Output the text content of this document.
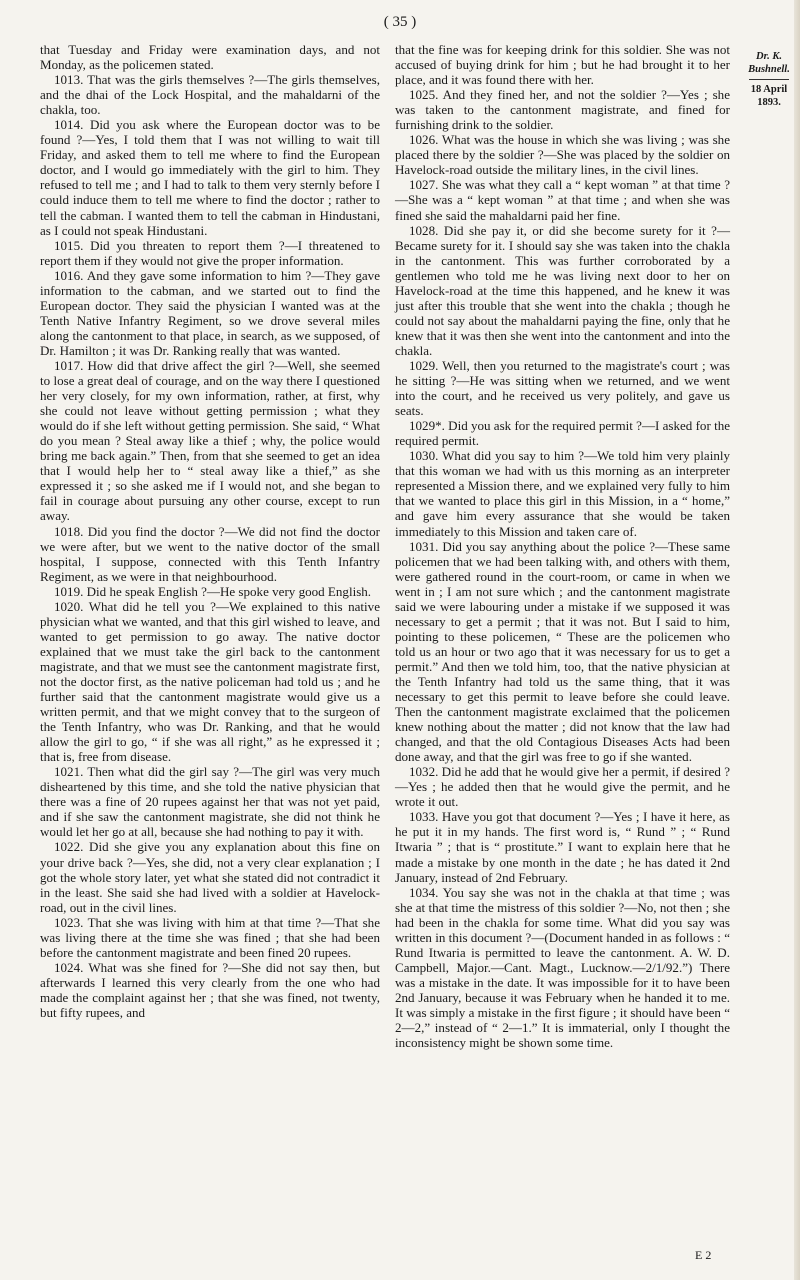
( 35 )

that Tuesday and Friday were examination days, and not Monday, as the policemen stated.

1013. That was the girls themselves ?—The girls themselves, and the dhai of the Lock Hospital, and the mahaldarni of the chakla, too.

1014. Did you ask where the European doctor was to be found ?—Yes, I told them that I was not willing to wait till Friday, and asked them to tell me where to find the European doctor, and I would go immediately with the girl to him. They refused to tell me ; and I had to talk to them very sternly before I could induce them to tell me where to find the doctor ; rather to tell the cabman. I wanted them to tell the cabman in Hindustani, as I could not speak Hindustani.

1015. Did you threaten to report them ?—I threatened to report them if they would not give the proper information.

1016. And they gave some information to him ?—They gave information to the cabman, and we started out to find the European doctor. They said the physician I wanted was at the Tenth Native Infantry Regiment, so we drove several miles along the cantonment to that place, in search, as we supposed, of Dr. Hamilton ; it was Dr. Ranking really that was wanted.

1017. How did that drive affect the girl ?—Well, she seemed to lose a great deal of courage, and on the way there I questioned her very closely, for my own information, rather, at first, why she could not leave without getting permission ; what they would do if she left without getting permission. She said, “ What do you mean ? Steal away like a thief ; why, the police would bring me back again.” Then, from that she seemed to get an idea that I would help her to “ steal away like a thief,” as she expressed it ; so she asked me if I would not, and she began to fail in courage about pursuing any other course, except to run away.

1018. Did you find the doctor ?—We did not find the doctor we were after, but we went to the native doctor of the small hospital, I suppose, connected with this Tenth Infantry Regiment, as we were in that neighbourhood.

1019. Did he speak English ?—He spoke very good English.

1020. What did he tell you ?—We explained to this native physician what we wanted, and that this girl wished to leave, and wanted to get permission to go away. The native doctor explained that we must take the girl back to the cantonment magistrate, and that we must see the cantonment magistrate first, not the doctor first, as the native policeman had told us ; and he further said that the cantonment magistrate would give us a written permit, and that we might convey that to the surgeon of the Tenth Infantry, who was Dr. Ranking, and that he would allow the girl to go, “ if she was all right,” as he expressed it ; that is, free from disease.

1021. Then what did the girl say ?—The girl was very much disheartened by this time, and she told the native physician that there was a fine of 20 rupees against her that was not yet paid, and if she saw the cantonment magistrate, she did not think he would let her go at all, because she had nothing to pay it with.

1022. Did she give you any explanation about this fine on your drive back ?—Yes, she did, not a very clear explanation ; I got the whole story later, yet what she stated did not contradict it in the least. She said she had lived with a soldier at Havelock-road, out in the civil lines.

1023. That she was living with him at that time ?—That she was living there at the time she was fined ; that she had been before the cantonment magistrate and been fined 20 rupees.

1024. What was she fined for ?—She did not say then, but afterwards I learned this very clearly from the one who had made the complaint against her ; that she was fined, not twenty, but fifty rupees, and

that the fine was for keeping drink for this soldier. She was not accused of buying drink for him ; but he had brought it to her place, and it was found there with her.

1025. And they fined her, and not the soldier ?—Yes ; she was taken to the cantonment magistrate, and fined for furnishing drink to the soldier.

1026. What was the house in which she was living ; was she placed there by the soldier ?—She was placed by the soldier on Havelock-road outside the military lines, in the civil lines.

1027. She was what they call a “ kept woman ” at that time ?—She was a “ kept woman ” at that time ; and when she was fined she said the mahaldarni paid her fine.

1028. Did she pay it, or did she become surety for it ?—Became surety for it. I should say she was taken into the chakla in the cantonment. This was further corroborated by a gentlemen who told me he was living next door to her on Havelock-road at the time this happened, and he knew it was just after this trouble that she went into the chakla ; though he could not say about the mahaldarni paying the fine, only that he knew that it was then she went into the cantonment and into the chakla.

1029. Well, then you returned to the magistrate's court ; was he sitting ?—He was sitting when we returned, and we went into the court, and he received us very politely, and gave us seats.

1029*. Did you ask for the required permit ?—I asked for the required permit.

1030. What did you say to him ?—We told him very plainly that this woman we had with us this morning as an interpreter represented a Mission there, and we explained very fully to him that we wanted to place this girl in this Mission, in a “ home,” and gave him every assurance that she would be taken immediately to this Mission and taken care of.

1031. Did you say anything about the police ?—These same policemen that we had been talking with, and others with them, were gathered round in the court-room, or came in when we went in ; I am not sure which ; and the cantonment magistrate said we were labouring under a mistake if we supposed it was necessary to get a permit ; that it was not. But I said to him, pointing to these policemen, “ These are the policemen who told us an hour or two ago that it was necessary for us to get a permit.” And then we told him, too, that the native physician at the Tenth Infantry had told us the same thing, that it was necessary to get this permit to leave before she could leave. Then the cantonment magistrate exclaimed that the policemen knew nothing about the matter ; did not know that the law had changed, and that the old Contagious Diseases Acts had been done away, and that the girl was free to go if she wanted.

1032. Did he add that he would give her a permit, if desired ?—Yes ; he added then that he would give the permit, and he wrote it out.

1033. Have you got that document ?—Yes ; I have it here, as he put it in my hands. The first word is, “ Rund ” ; “ Rund Itwaria ” ; that is “ prostitute.” I want to explain here that he made a mistake by one month in the date ; he has dated it 2nd January, instead of 2nd February.

1034. You say she was not in the chakla at that time ; was she at that time the mistress of this soldier ?—No, not then ; she had been in the chakla for some time. What did you say was written in this document ?—(Document handed in as follows : “ Rund Itwaria is permitted to leave the cantonment. A. W. D. Campbell, Major.—Cant. Magt., Lucknow.—2/1/92.”) There was a mistake in the date. It was impossible for it to have been 2nd January, because it was February when he handed it to me. It was simply a mistake in the first figure ; it should have been “ 2—2,” instead of “ 2—1.” It is immaterial, only I thought the inconsistency might be shown some time.

Dr. K. Bushnell.
18 April 1893.
E 2
